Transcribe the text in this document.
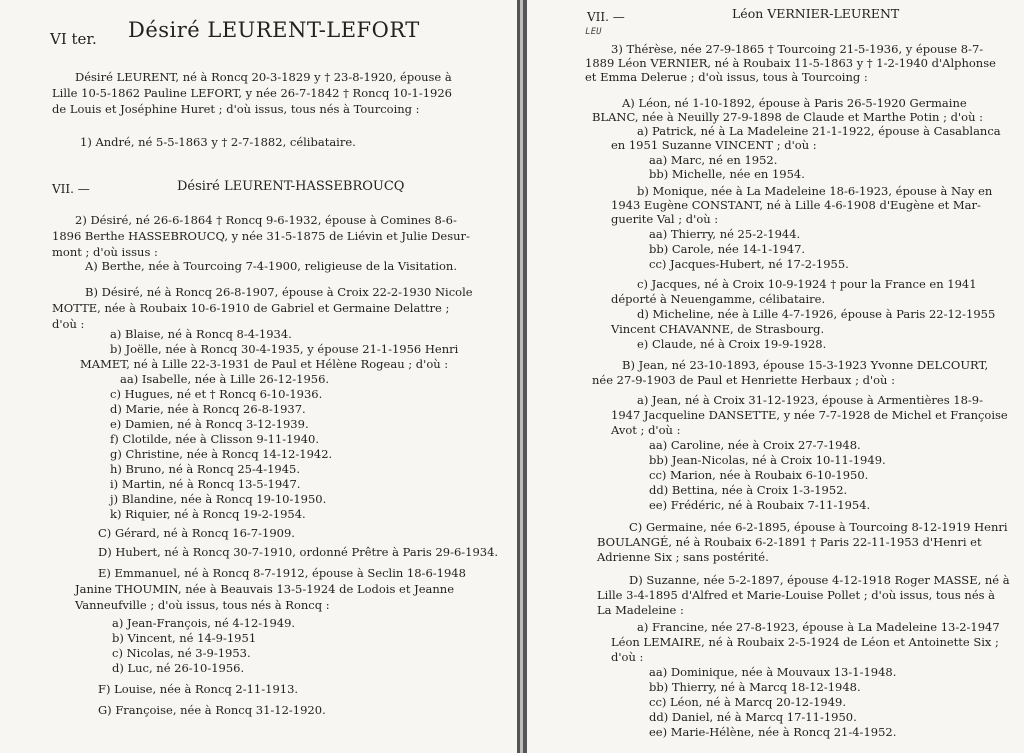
VI ter. Désiré LEURENT-LEFORT
Désiré LEURENT, né à Roncq 20-3-1829 y † 23-8-1920, épouse à
Lille 10-5-1862 Pauline LEFORT, y née 26-7-1842 † Roncq 10-1-1926
de Louis et Joséphine Huret ; d'où issus, tous nés à Tourcoing :
1) André, né 5-5-1863 y † 2-7-1882, célibataire.
VII. —	Désiré LEURENT-HASSEBROUCQ
2) Désiré, né 26-6-1864 † Roncq 9-6-1932, épouse à Comines 8-6-
1896 Berthe HASSEBROUCQ, y née 31-5-1875 de Liévin et Julie Desur-
mont ; d'où issus :
A) Berthe, née à Tourcoing 7-4-1900, religieuse de la Visitation.
B) Désiré, né à Roncq 26-8-1907, épouse à Croix 22-2-1930 Nicole
MOTTE, née à Roubaix 10-6-1910 de Gabriel et Germaine Delattre ;
d'où :
a) Blaise, né à Roncq 8-4-1934.
b) Joëlle, née à Roncq 30-4-1935, y épouse 21-1-1956 Henri
MAMET, né à Lille 22-3-1931 de Paul et Hélène Rogeau ; d'où :
aa) Isabelle, née à Lille 26-12-1956.
c) Hugues, né et † Roncq 6-10-1936.
d) Marie, née à Roncq 26-8-1937.
e) Damien, né à Roncq 3-12-1939.
f) Clotilde, née à Clisson 9-11-1940.
g) Christine, née à Roncq 14-12-1942.
h) Bruno, né à Roncq 25-4-1945.
i) Martin, né à Roncq 13-5-1947.
j) Blandine, née à Roncq 19-10-1950.
k) Riquier, né à Roncq 19-2-1954.
C) Gérard, né à Roncq 16-7-1909.
D) Hubert, né à Roncq 30-7-1910, ordonné Prêtre à Paris 29-6-1934.
E) Emmanuel, né à Roncq 8-7-1912, épouse à Seclin 18-6-1948
Janine THOUMIN, née à Beauvais 13-5-1924 de Lodois et Jeanne
Vanneufville ; d'où issus, tous nés à Roncq :
a) Jean-François, né 4-12-1949.
b) Vincent, né 14-9-1951
c) Nicolas, né 3-9-1953.
d) Luc, né 26-10-1956.
F) Louise, née à Roncq 2-11-1913.
G) Françoise, née à Roncq 31-12-1920.
VII. —	Léon VERNIER-LEURENT
LEU
3) Thérèse, née 27-9-1865 † Tourcoing 21-5-1936, y épouse 8-7-
1889 Léon VERNIER, né à Roubaix 11-5-1863 y † 1-2-1940 d'Alphonse
et Emma Delerue ; d'où issus, tous à Tourcoing :
A) Léon, né 1-10-1892, épouse à Paris 26-5-1920 Germaine
BLANC, née à Neuilly 27-9-1898 de Claude et Marthe Potin ; d'où :
a) Patrick, né à La Madeleine 21-1-1922, épouse à Casablanca
en 1951 Suzanne VINCENT ; d'où :
aa) Marc, né en 1952.
bb) Michelle, née en 1954.
b) Monique, née à La Madeleine 18-6-1923, épouse à Nay en
1943 Eugène CONSTANT, né à Lille 4-6-1908 d'Eugène et Mar-
guerite Val ; d'où :
aa) Thierry, né 25-2-1944.
bb) Carole, née 14-1-1947.
cc) Jacques-Hubert, né 17-2-1955.
c) Jacques, né à Croix 10-9-1924 † pour la France en 1941
déporté à Neuengamme, célibataire.
d) Micheline, née à Lille 4-7-1926, épouse à Paris 22-12-1955
Vincent CHAVANNE, de Strasbourg.
e) Claude, né à Croix 19-9-1928.
B) Jean, né 23-10-1893, épouse 15-3-1923 Yvonne DELCOURT,
née 27-9-1903 de Paul et Henriette Herbaux ; d'où :
a) Jean, né à Croix 31-12-1923, épouse à Armentières 18-9-
1947 Jacqueline DANSETTE, y née 7-7-1928 de Michel et Françoise
Avot ; d'où :
aa) Caroline, née à Croix 27-7-1948.
bb) Jean-Nicolas, né à Croix 10-11-1949.
cc) Marion, née à Roubaix 6-10-1950.
dd) Bettina, née à Croix 1-3-1952.
ee) Frédéric, né à Roubaix 7-11-1954.
C) Germaine, née 6-2-1895, épouse à Tourcoing 8-12-1919 Henri
BOULANGÉ, né à Roubaix 6-2-1891 † Paris 22-11-1953 d'Henri et
Adrienne Six ; sans postérité.
D) Suzanne, née 5-2-1897, épouse 4-12-1918 Roger MASSE, né à
Lille 3-4-1895 d'Alfred et Marie-Louise Pollet ; d'où issus, tous nés à
La Madeleine :
a) Francine, née 27-8-1923, épouse à La Madeleine 13-2-1947
Léon LEMAIRE, né à Roubaix 2-5-1924 de Léon et Antoinette Six ;
d'où :
aa) Dominique, née à Mouvaux 13-1-1948.
bb) Thierry, né à Marcq 18-12-1948.
cc) Léon, né à Marcq 20-12-1949.
dd) Daniel, né à Marcq 17-11-1950.
ee) Marie-Hélène, née à Roncq 21-4-1952.
